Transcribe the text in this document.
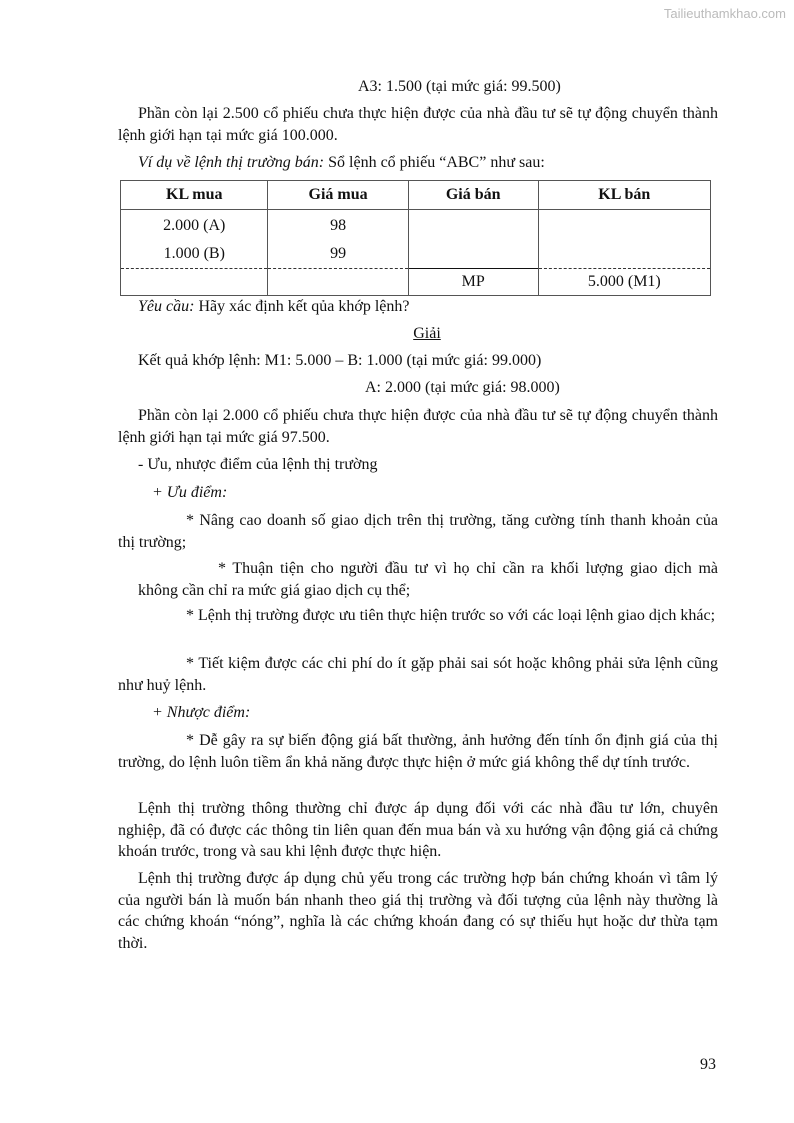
Tailieuthamkhao.com
A3: 1.500 (tại mức giá: 99.500)
Phần còn lại 2.500 cổ phiếu chưa thực hiện được của nhà đầu tư sẽ tự động chuyển thành lệnh giới hạn tại mức giá 100.000.
Ví dụ về lệnh thị trường bán: Sổ lệnh cổ phiếu “ABC” như sau:
KL mua	Giá mua	Giá bán	KL bán
2.000 (A)	98		
1.000 (B)	99		
		MP	5.000 (M1)
Yêu cầu: Hãy xác định kết qủa khớp lệnh?
Giải
Kết quả khớp lệnh: M1: 5.000 – B: 1.000 (tại mức giá: 99.000)
A: 2.000 (tại mức giá: 98.000)
Phần còn lại 2.000 cổ phiếu chưa thực hiện được của nhà đầu tư sẽ tự động chuyển thành lệnh giới hạn tại mức giá 97.500.
- Ưu, nhược điểm của lệnh thị trường
+ Ưu điểm:
* Nâng cao doanh số giao dịch trên thị trường, tăng cường tính thanh khoản của thị trường;
* Thuận tiện cho người đầu tư vì họ chỉ cần ra khối lượng giao dịch mà không cần chỉ ra mức giá giao dịch cụ thể;
* Lệnh thị trường được ưu tiên thực hiện trước so với các loại lệnh giao dịch khác;
* Tiết kiệm được các chi phí do ít gặp phải sai sót hoặc không phải sửa lệnh cũng như huỷ lệnh.
+ Nhược điểm:
* Dễ gây ra sự biến động giá bất thường, ảnh hưởng đến tính ổn định giá của thị trường, do lệnh luôn tiềm ẩn khả năng được thực hiện ở mức giá không thể dự tính trước.
Lệnh thị trường thông thường chỉ được áp dụng đối với các nhà đầu tư lớn, chuyên nghiệp, đã có được các thông tin liên quan đến mua bán và xu hướng vận động giá cả chứng khoán trước, trong và sau khi lệnh được thực hiện.
Lệnh thị trường được áp dụng chủ yếu trong các trường hợp bán chứng khoán vì tâm lý của người bán là muốn bán nhanh theo giá thị trường và đối tượng của lệnh này thường là các chứng khoán “nóng”, nghĩa là các chứng khoán đang có sự thiếu hụt hoặc dư thừa tạm thời.
93
